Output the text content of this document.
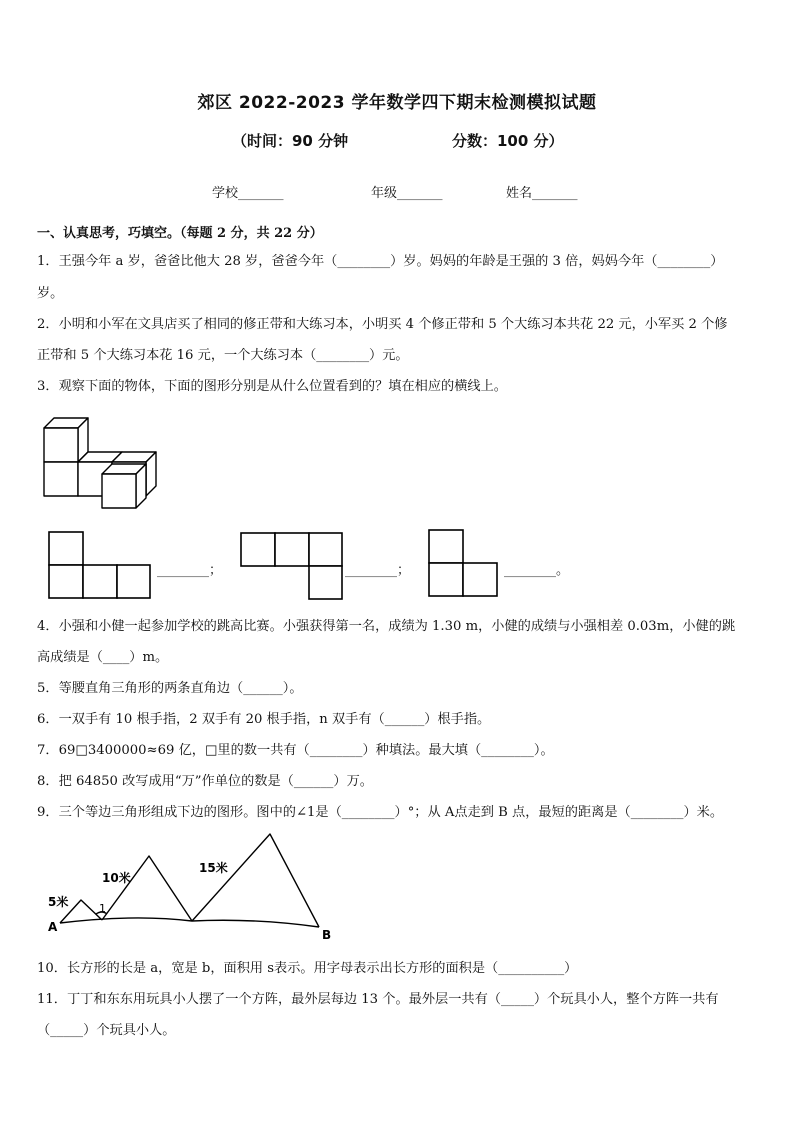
郊区 2022-2023 学年数学四下期末检测模拟试题
（时间：90 分钟	分数：100 分）
学校_______	年级_______	姓名_______
一、认真思考，巧填空。（每题 2 分，共 22 分）
1．王强今年 a 岁，爸爸比他大 28 岁，爸爸今年（________）岁。妈妈的年龄是王强的 3 倍，妈妈今年（________）
岁。
2．小明和小军在文具店买了相同的修正带和大练习本，小明买 4 个修正带和 5 个大练习本共花 22 元，小军买 2 个修
正带和 5 个大练习本花 16 元，一个大练习本（________）元。
3．观察下面的物体，下面的图形分别是从什么位置看到的？填在相应的横线上。
________；	________；	________。
4．小强和小健一起参加学校的跳高比赛。小强获得第一名，成绩为 1.30 m，小健的成绩与小强相差 0.03m，小健的跳
高成绩是（____）m。
5．等腰直角三角形的两条直角边（______）。
6．一双手有 10 根手指，2 双手有 20 根手指，n 双手有（______）根手指。
7．69□3400000≈69 亿，□里的数一共有（________）种填法。最大填（________）。
8．把 64850 改写成用“万”作单位的数是（______）万。
9．三个等边三角形组成下边的图形。图中的∠1是（________）°；从 A点走到 B 点，最短的距离是（________）米。
5米
10米
15米
1
A
B
10．长方形的长是 a，宽是 b，面积用 s表示。用字母表示出长方形的面积是（__________）
11．丁丁和东东用玩具小人摆了一个方阵，最外层每边 13 个。最外层一共有（_____）个玩具小人，整个方阵一共有
（_____）个玩具小人。
